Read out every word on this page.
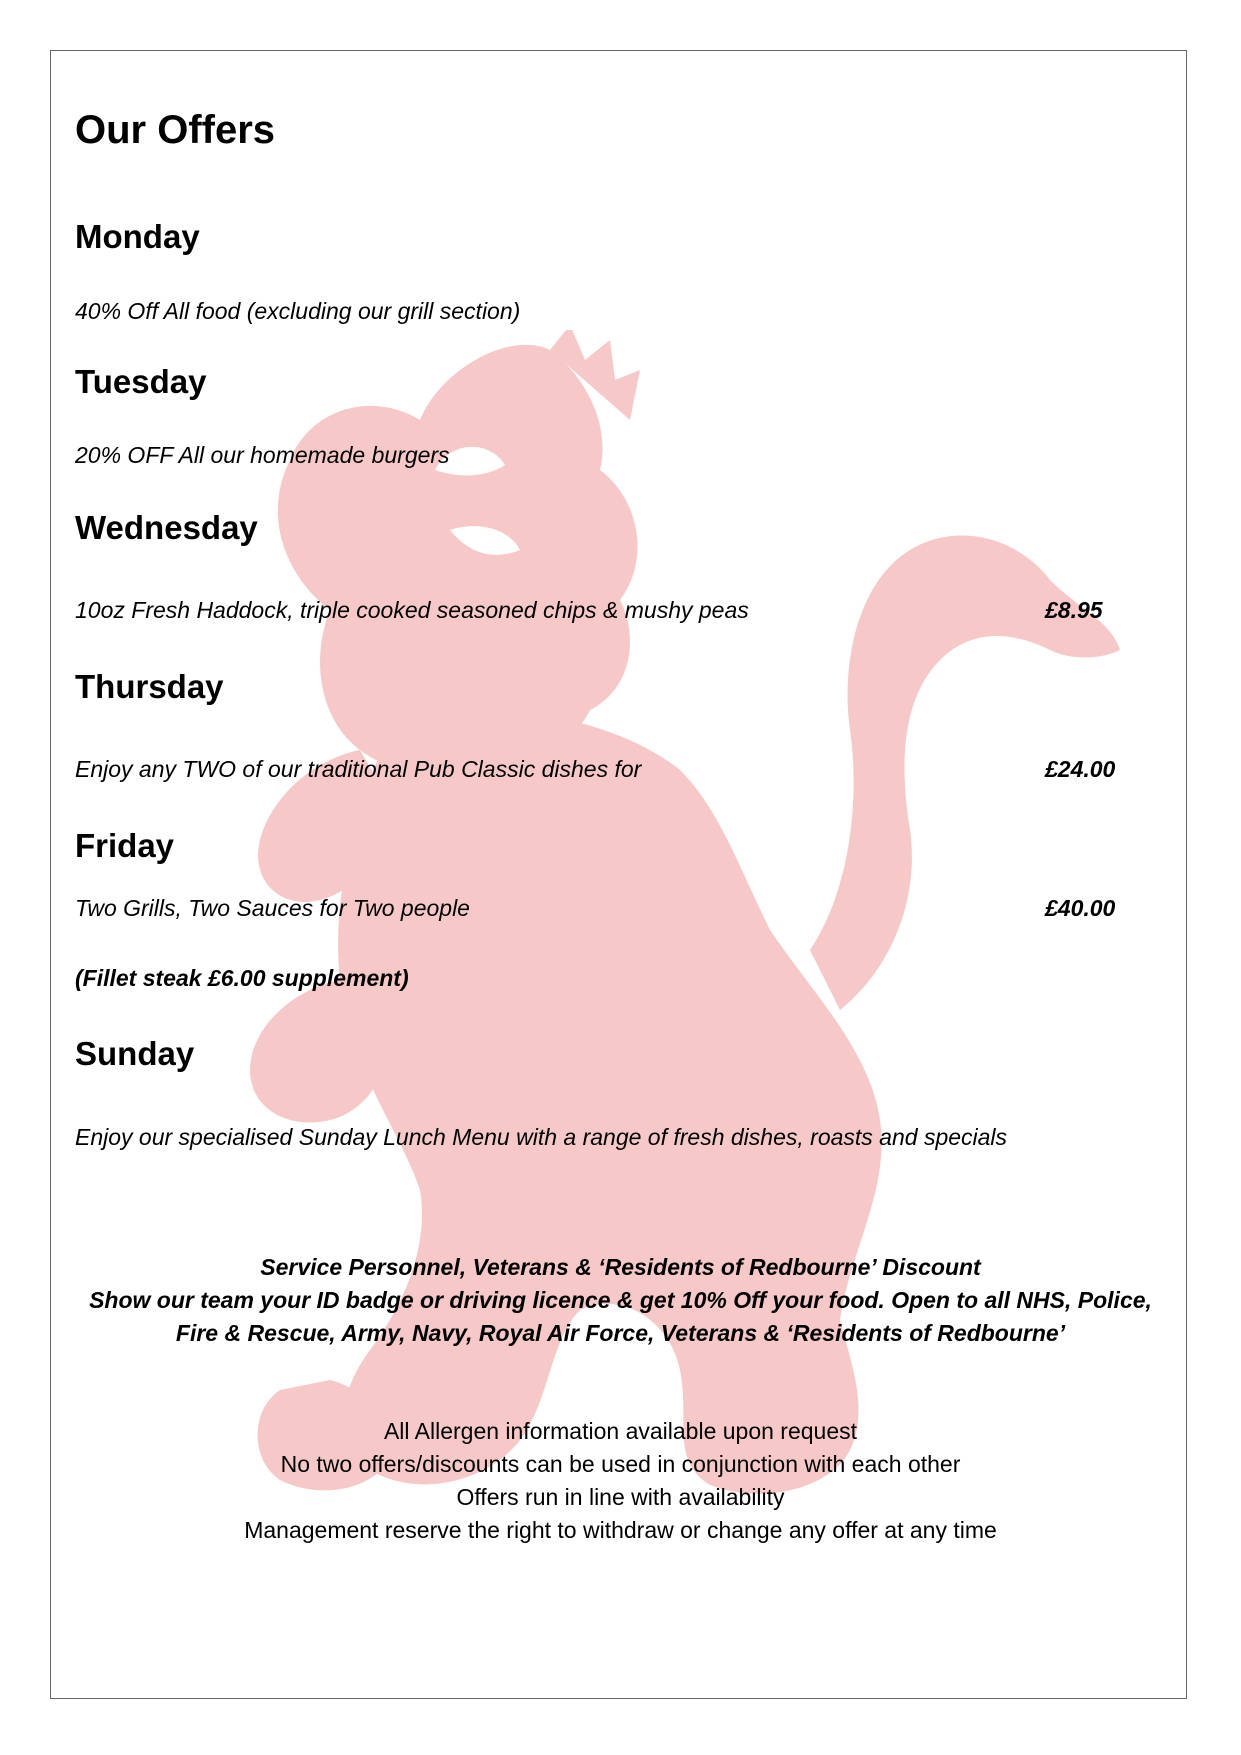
Our Offers
Monday
40% Off All food (excluding our grill section)
Tuesday
20% OFF All our homemade burgers
Wednesday
10oz Fresh Haddock, triple cooked seasoned chips & mushy peas	£8.95
Thursday
Enjoy any TWO of our traditional Pub Classic dishes for	£24.00
Friday
Two Grills, Two Sauces for Two people	£40.00
(Fillet steak £6.00 supplement)
Sunday
Enjoy our specialised Sunday Lunch Menu with a range of fresh dishes, roasts and specials
Service Personnel, Veterans & ‘Residents of Redbourne’ Discount
Show our team your ID badge or driving licence & get 10% Off your food. Open to all NHS, Police,
Fire & Rescue, Army, Navy, Royal Air Force, Veterans & ‘Residents of Redbourne’
All Allergen information available upon request
No two offers/discounts can be used in conjunction with each other
Offers run in line with availability
Management reserve the right to withdraw or change any offer at any time
